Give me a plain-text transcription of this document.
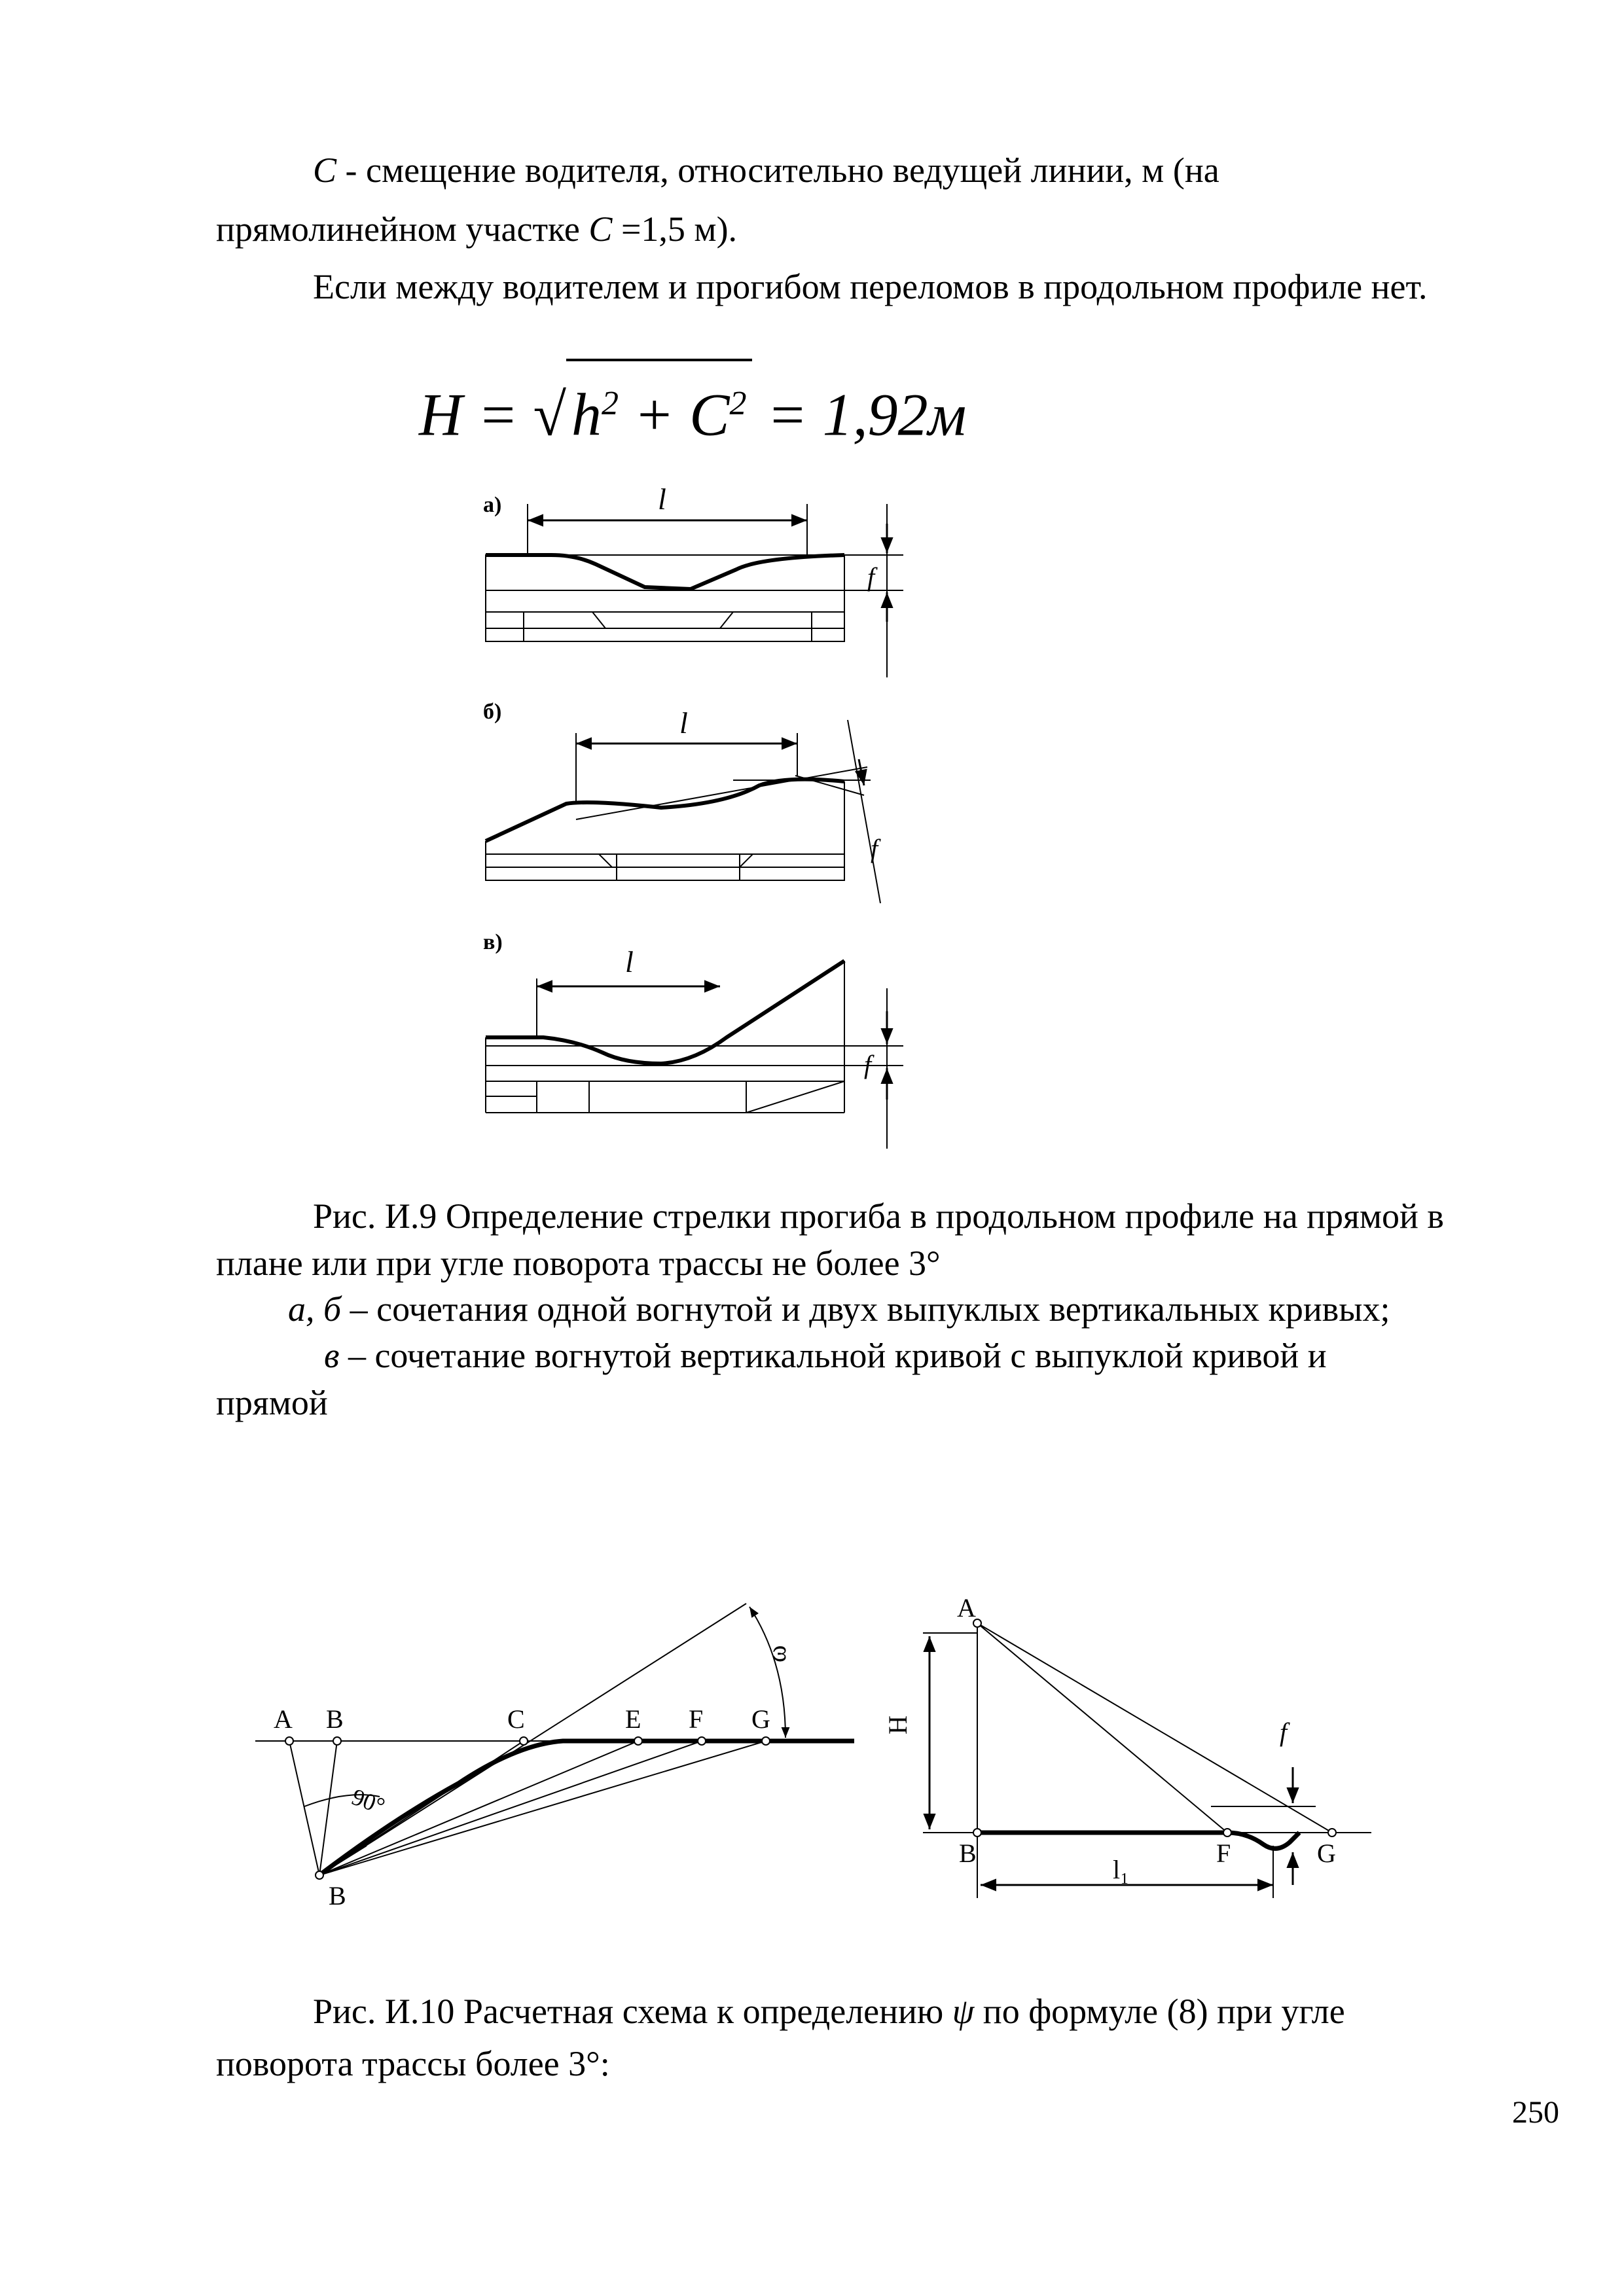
C - смещение водителя, относительно ведущей линии, м (на
прямолинейном участке C =1,5 м).
Если между водителем и прогибом переломов в продольном профиле нет.
$H = √h^2 + C^2 = 1,92м$
а)	l
f
б)	l
f
в)
l
f
A B	C	E F G
B
90°
ω
A
B	F	G
H	f
l₁
Рис. И.9 Определение стрелки прогиба в продольном профиле на прямой в
плане или при угле поворота трассы не более 3°
а, б – сочетания одной вогнутой и двух выпуклых вертикальных кривых;
в – сочетание вогнутой вертикальной кривой с выпуклой кривой и
прямой
Рис. И.10 Расчетная схема к определению ψ по формуле (8) при угле
поворота трассы более 3°:
250
